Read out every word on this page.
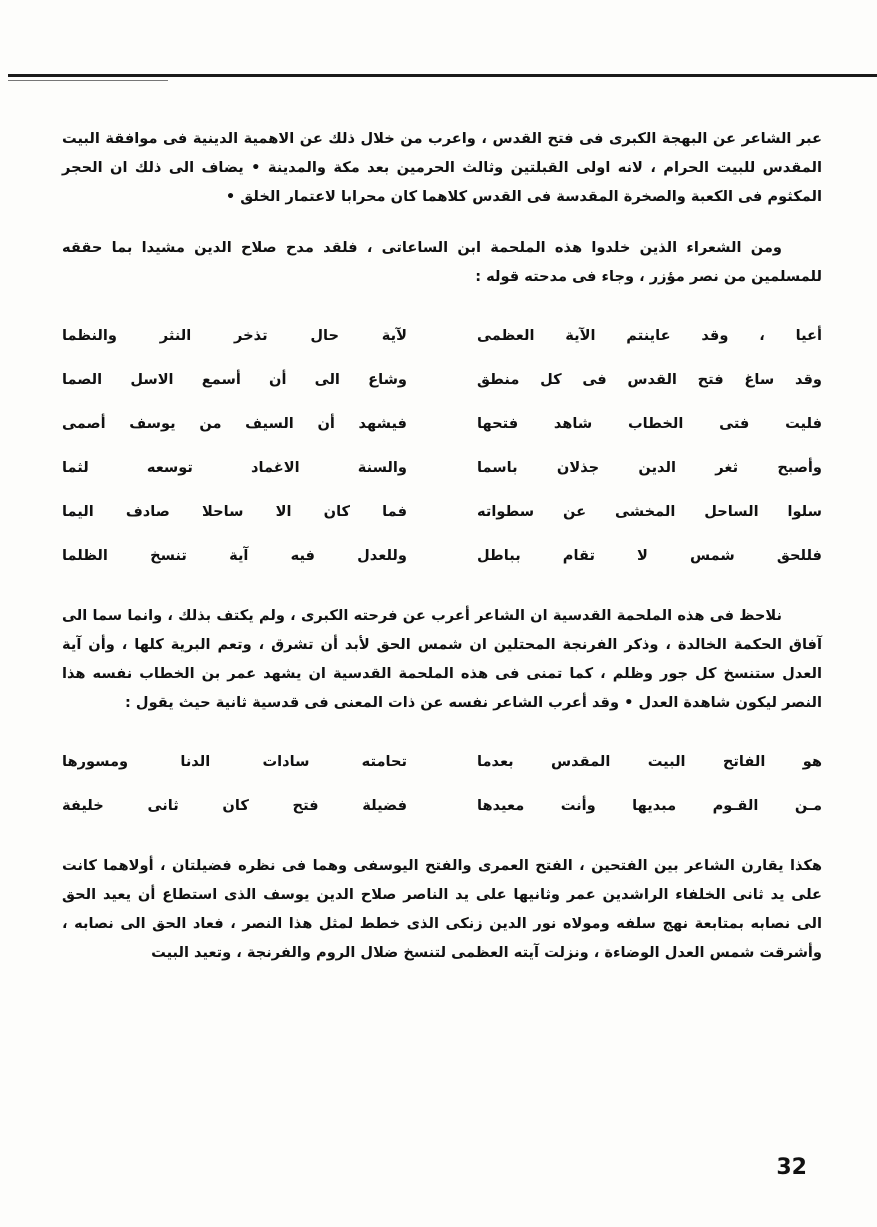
عبر الشاعر عن البهجة الكبرى فى فتح القدس ، واعرب من خلال ذلك عن الاهمية الدينية فى موافقة البيت المقدس للبيت الحرام ، لانه اولى القبلتين وثالث الحرمين بعد مكة والمدينة • يضاف الى ذلك ان الحجر المكثوم فى الكعبة والصخرة المقدسة فى القدس كلاهما كان محرابا لاعتمار الخلق •

ومن الشعراء الذين خلدوا هذه الملحمة ابن الساعاتى ، فلقد مدح صلاح الدين مشيدا بما حققه للمسلمين من نصر مؤزر ، وجاء فى مدحته قوله :

أعيا ، وقد عاينتم الآية العظمى
لآية حال تذخر النثر والنظما
وقد ساغ فتح القدس فى كل منطق
وشاع الى أن أسمع الاسل الصما
فليت فتى الخطاب شاهد فتحها
فيشهد أن السيف من يوسف أصمى
وأصبح ثغر الدين جذلان باسما
والسنة الاغماد توسعه لثما
سلوا الساحل المخشى عن سطواته
فما كان الا ساحلا صادف اليما
فللحق شمس لا تقام بباطل
وللعدل فيه آية تنسخ الظلما

نلاحظ فى هذه الملحمة القدسية ان الشاعر أعرب عن فرحته الكبرى ، ولم يكتف بذلك ، وانما سما الى آفاق الحكمة الخالدة ، وذكر الفرنجة المحتلين ان شمس الحق لأبد أن تشرق ، وتعم البرية كلها ، وأن آية العدل ستنسخ كل جور وظلم ، كما تمنى فى هذه الملحمة القدسية ان يشهد عمر بن الخطاب نفسه هذا النصر ليكون شاهدة العدل • وقد أعرب الشاعر نفسه عن ذات المعنى فى قدسية ثانية حيث يقول :

هو الفاتح البيت المقدس بعدما
تحامته سادات الدنا ومسورها
مـن القـوم مبديها وأنت معيدها
فضيلة فتح كان ثانى خليفة

هكذا يقارن الشاعر بين الفتحين ، الفتح العمرى والفتح اليوسفى وهما فى نظره فضيلتان ، أولاهما كانت على يد ثانى الخلفاء الراشدين عمر وثانيها على يد الناصر صلاح الدين يوسف الذى استطاع أن يعيد الحق الى نصابه بمتابعة نهج سلفه ومولاه نور الدين زنكى الذى خطط لمثل هذا النصر ، فعاد الحق الى نصابه ، وأشرقت شمس العدل الوضاءة ، ونزلت آيته العظمى لتنسخ ضلال الروم والفرنجة ، وتعيد البيت

32
